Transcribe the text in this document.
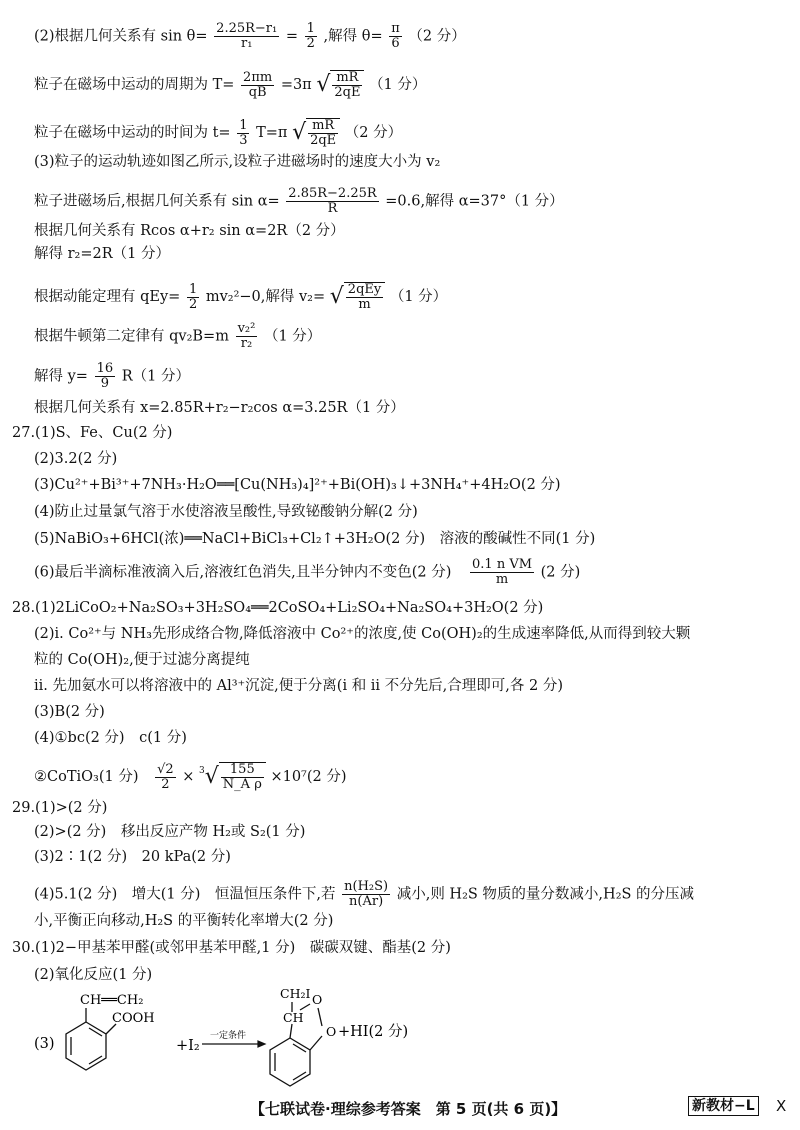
(2)根据几何关系有 $\sin \theta= \frac{\text{2.25R−r₁}}{\text{r₁}} = \frac{1}{2}$ ,解得 $\theta= \frac{\pi}{6} (2$ 分）
粒子在磁场中运动的周期为 $T= \frac{2\pi m}{qB} =3\pi$ √ $\frac{mR}{2qE} (1$ 分）
粒子在磁场中运动的时间为 $t= \frac{1}{3} T=\pi$ √ $\frac{mR}{2qE} (2$ 分）
(3)粒子的运动轨迹如图乙所示,设粒子进磁场时的速度大小为 v₂
粒子进磁场后,根据几何关系有 $\sin \alpha= \frac{2.85R-2.25R}{R} =0.6$,解得 α=37°（1 分）
根据几何关系有 Rcos α+r₂ sin α=2R（2 分）
解得 r₂=2R（1 分）
根据动能定理有 $qEy= \frac{1}{2} mv_2^2-0$,解得 v₂= √ $\frac{\text{2qEy}}{m} (1$ 分）
根据牛顿第二定律有 $qv_2B=m \frac{\text{v₂²}}{\text{r₂}} (1$ 分）
解得 $y= \frac{16}{9} R(1$ 分）
根据几何关系有 x=2.85R+r₂−r₂cos α=3.25R（1 分）
27.(1)S、Fe、Cu(2 分)
(2)3.2(2 分)
(3)Cu²⁺+Bi³⁺+7NH₃·H₂O══[Cu(NH₃)₄]²⁺+Bi(OH)₃↓+3NH₄⁺+4H₂O(2 分)
(4)防止过量氯气溶于水使溶液呈酸性,导致铋酸钠分解(2 分)
(5)NaBiO₃+6HCl(浓)══NaCl+BiCl₃+Cl₂↑+3H₂O(2 分)　溶液的酸碱性不同(1 分)
(6)最后半滴标准液滴入后,溶液红色消失,且半分钟内不变色(2 分) $\frac{\text{0.1 n VM}}{m} (2$ 分)
28.(1)2LiCoO₂+Na₂SO₃+3H₂SO₄══2CoSO₄+Li₂SO₄+Na₂SO₄+3H₂O(2 分)
(2)i. Co²⁺与 NH₃先形成络合物,降低溶液中 Co²⁺的浓度,使 Co(OH)₂的生成速率降低,从而得到较大颗
粒的 Co(OH)₂,便于过滤分离提纯
ii. 先加氨水可以将溶液中的 Al³⁺沉淀,便于分离(i 和 ii 不分先后,合理即可,各 2 分)
(3)B(2 分)
(4)①bc(2 分)　c(1 分)
②CoTiO₃(1 分) $\frac{√2}{2} \times ^3√ \frac{155}{\text{N\_A ρ}} \times 10^7(2$ 分)
29.(1)>(2 分)
(2)>(2 分)　移出反应产物 H₂或 S₂(1 分)
(3)2∶1(2 分)　20 kPa(2 分)
(4)5.1(2 分)　增大(1 分)　恒温恒压条件下,若 $\frac{\text{n(H₂S)}}{n(Ar)}$ 减小,则 H₂S 物质的量分数减小,H₂S 的分压减
小,平衡正向移动,H₂S 的平衡转化率增大(2 分)
30.(1)2−甲基苯甲醛(或邻甲基苯甲醛,1 分)　碳碳双键、酯基(2 分)
(2)氧化反应(1 分)
(3)
CH══CH₂
COOH
+I₂
一定条件
CH₂I
CH
O
O +HI(2 分)
【七联试卷·理综参考答案　第 5 页(共 6 页)】	新教材−L X
